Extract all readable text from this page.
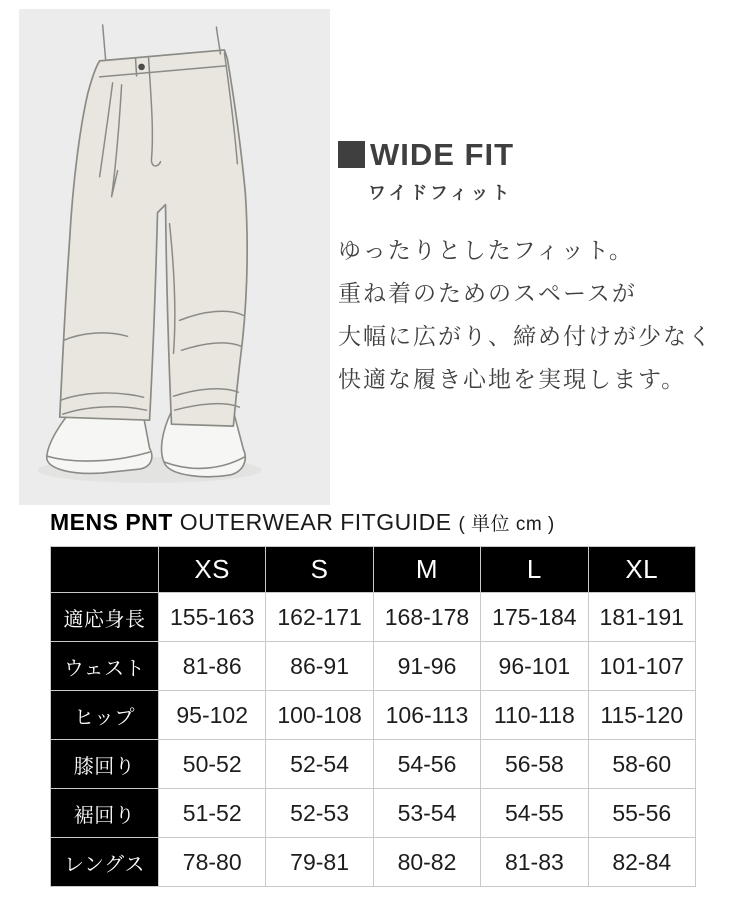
WIDE FIT
ワイドフィット
ゆったりとしたフィット。
重ね着のためのスペースが
大幅に広がり、締め付けが少なく
快適な履き心地を実現します。
MENS PNT OUTERWEAR FITGUIDE ( 単位 cm )
	XS	S	M	L	XL
適応身長	155-163	162-171	168-178	175-184	181-191
ウェスト	81-86	86-91	91-96	96-101	101-107
ヒップ	95-102	100-108	106-113	110-118	115-120
膝回り	50-52	52-54	54-56	56-58	58-60
裾回り	51-52	52-53	53-54	54-55	55-56
レングス	78-80	79-81	80-82	81-83	82-84
